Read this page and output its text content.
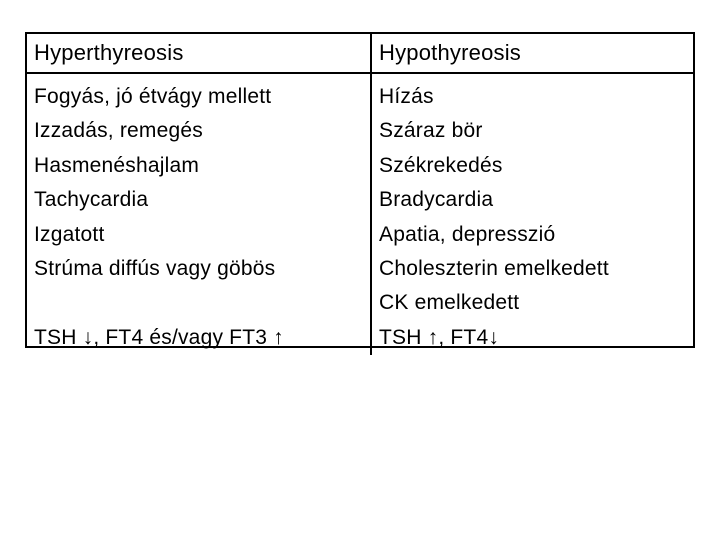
Hyperthyreosis	Hypothyreosis
Fogyás, jó étvágy mellett
Izzadás, remegés
Hasmenéshajlam
Tachycardia
Izgatott
Strúma diffús vagy göbös
TSH ↓, FT4 és/vagy FT3 ↑
Hízás
Száraz bör
Székrekedés
Bradycardia
Apatia, depresszió
Choleszterin emelkedett
CK emelkedett
TSH ↑, FT4↓
